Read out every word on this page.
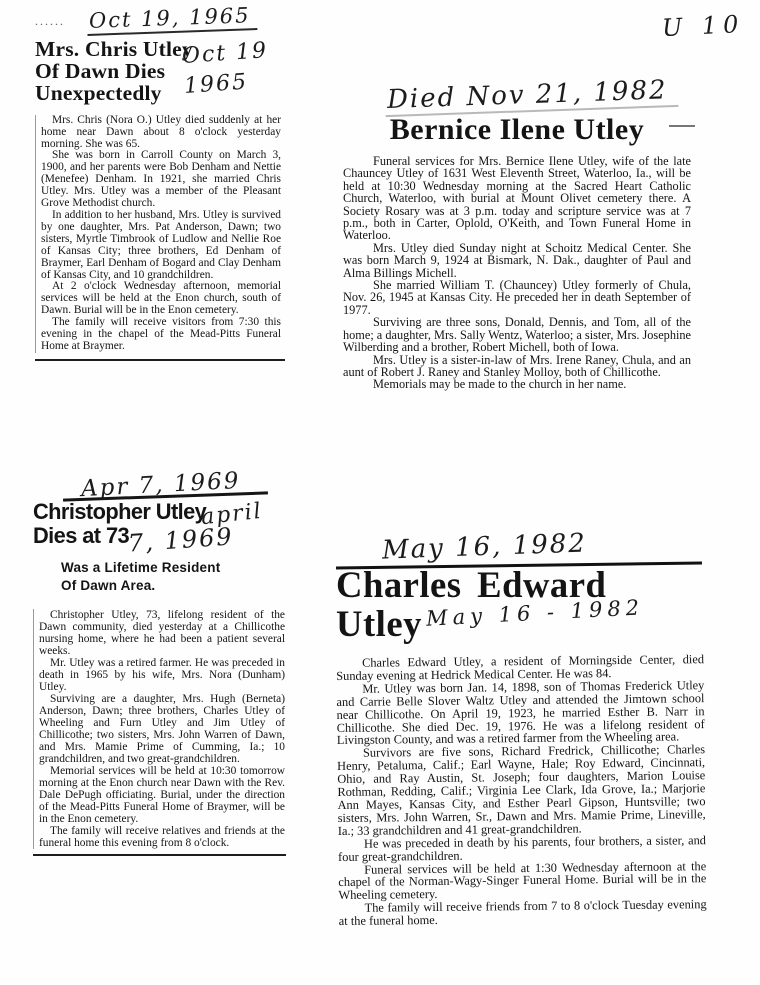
U 10
...... Oct 19, 1965
Mrs. Chris Utley Of Dawn Dies Unexpectedly
Oct 19
1965

Mrs. Chris (Nora O.) Utley died suddenly at her home near Dawn about 8 o'clock yesterday morning. She was 65.

She was born in Carroll County on March 3, 1900, and her parents were Bob Denham and Nettie (Menefee) Denham. In 1921, she married Chris Utley. Mrs. Utley was a member of the Pleasant Grove Methodist church.

In addition to her husband, Mrs. Utley is survived by one daughter, Mrs. Pat Anderson, Dawn; two sisters, Myrtle Timbrook of Ludlow and Nellie Roe of Kansas City; three brothers, Ed Denham of Braymer, Earl Denham of Bogard and Clay Denham of Kansas City, and 10 grandchildren.

At 2 o'clock Wednesday afternoon, memorial services will be held at the Enon church, south of Dawn. Burial will be in the Enon cemetery.

The family will receive visitors from 7:30 this evening in the chapel of the Mead-Pitts Funeral Home at Braymer.

Apr 7, 1969
Christopher Utley Dies at 73
april
7, 1969
Was a Lifetime Resident Of Dawn Area.

Christopher Utley, 73, lifelong resident of the Dawn community, died yesterday at a Chillicothe nursing home, where he had been a patient several weeks.

Mr. Utley was a retired farmer. He was preceded in death in 1965 by his wife, Mrs. Nora (Dunham) Utley.

Surviving are a daughter, Mrs. Hugh (Berneta) Anderson, Dawn; three brothers, Charles Utley of Wheeling and Furn Utley and Jim Utley of Chillicothe; two sisters, Mrs. John Warren of Dawn, and Mrs. Mamie Prime of Cumming, Ia.; 10 grandchildren, and two great-grandchildren.

Memorial services will be held at 10:30 tomorrow morning at the Enon church near Dawn with the Rev. Dale DePugh officiating. Burial, under the direction of the Mead-Pitts Funeral Home of Braymer, will be in the Enon cemetery.

The family will receive relatives and friends at the funeral home this evening from 8 o'clock.

Died Nov 21, 1982
Bernice Ilene Utley

Funeral services for Mrs. Bernice Ilene Utley, wife of the late Chauncey Utley of 1631 West Eleventh Street, Waterloo, Ia., will be held at 10:30 Wednesday morning at the Sacred Heart Catholic Church, Waterloo, with burial at Mount Olivet cemetery there. A Society Rosary was at 3 p.m. today and scripture service was at 7 p.m., both in Carter, Oplold, O'Keith, and Town Funeral Home in Waterloo.

Mrs. Utley died Sunday night at Schoitz Medical Center. She was born March 9, 1924 at Bismark, N. Dak., daughter of Paul and Alma Billings Michell.

She married William T. (Chauncey) Utley formerly of Chula, Nov. 26, 1945 at Kansas City. He preceded her in death September of 1977.

Surviving are three sons, Donald, Dennis, and Tom, all of the home; a daughter, Mrs. Sally Wentz, Waterloo; a sister, Mrs. Josephine Wilberding and a brother, Robert Michell, both of Iowa.

Mrs. Utley is a sister-in-law of Mrs. Irene Raney, Chula, and an aunt of Robert J. Raney and Stanley Molloy, both of Chillicothe.

Memorials may be made to the church in her name.

May 16, 1982
Charles Edward Utley May 16 - 1982

Charles Edward Utley, a resident of Morningside Center, died Sunday evening at Hedrick Medical Center. He was 84.

Mr. Utley was born Jan. 14, 1898, son of Thomas Frederick Utley and Carrie Belle Slover Waltz Utley and attended the Jimtown school near Chillicothe. On April 19, 1923, he married Esther B. Narr in Chillicothe. She died Dec. 19, 1976. He was a lifelong resident of Livingston County, and was a retired farmer from the Wheeling area.

Survivors are five sons, Richard Fredrick, Chillicothe; Charles Henry, Petaluma, Calif.; Earl Wayne, Hale; Roy Edward, Cincinnati, Ohio, and Ray Austin, St. Joseph; four daughters, Marion Louise Rothman, Redding, Calif.; Virginia Lee Clark, Ida Grove, Ia.; Marjorie Ann Mayes, Kansas City, and Esther Pearl Gipson, Huntsville; two sisters, Mrs. John Warren, Sr., Dawn and Mrs. Mamie Prime, Lineville, Ia.; 33 grandchildren and 41 great-grandchildren.

He was preceded in death by his parents, four brothers, a sister, and four great-grandchildren.

Funeral services will be held at 1:30 Wednesday afternoon at the chapel of the Norman-Wagy-Singer Funeral Home. Burial will be in the Wheeling cemetery.

The family will receive friends from 7 to 8 o'clock Tuesday evening at the funeral home.
